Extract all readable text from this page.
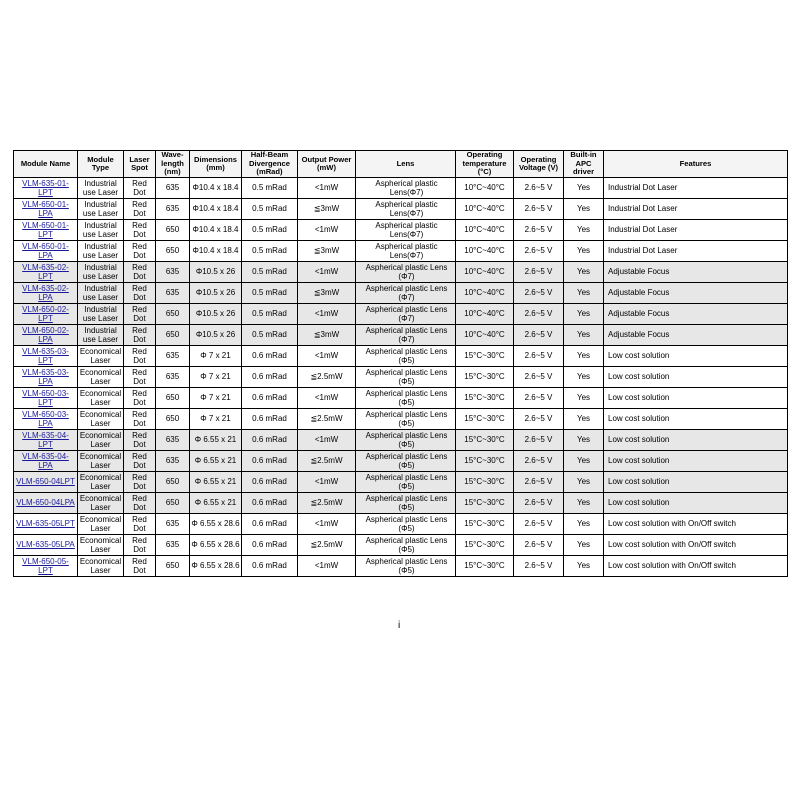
Module Name	Module Type	Laser Spot	Wave-length (nm)	Dimensions (mm)	Half-Beam Divergence (mRad)	Output Power (mW)	Lens	Operating temperature (°C)	Operating Voltage (V)	Built-in APC driver	Features
VLM-635-01-LPT	Industrial use Laser	Red Dot	635	Φ10.4 x 18.4	0.5 mRad	<1mW	Aspherical plastic Lens(Φ7)	10°C~40°C	2.6~5 V	Yes	Industrial Dot Laser
VLM-650-01-LPA	Industrial use Laser	Red Dot	635	Φ10.4 x 18.4	0.5 mRad	≦3mW	Aspherical plastic Lens(Φ7)	10°C~40°C	2.6~5 V	Yes	Industrial Dot Laser
VLM-650-01-LPT	Industrial use Laser	Red Dot	650	Φ10.4 x 18.4	0.5 mRad	<1mW	Aspherical plastic Lens(Φ7)	10°C~40°C	2.6~5 V	Yes	Industrial Dot Laser
VLM-650-01-LPA	Industrial use Laser	Red Dot	650	Φ10.4 x 18.4	0.5 mRad	≦3mW	Aspherical plastic Lens(Φ7)	10°C~40°C	2.6~5 V	Yes	Industrial Dot Laser
VLM-635-02-LPT	Industrial use Laser	Red Dot	635	Φ10.5 x 26	0.5 mRad	<1mW	Aspherical plastic Lens (Φ7)	10°C~40°C	2.6~5 V	Yes	Adjustable Focus
VLM-635-02-LPA	Industrial use Laser	Red Dot	635	Φ10.5 x 26	0.5 mRad	≦3mW	Aspherical plastic Lens (Φ7)	10°C~40°C	2.6~5 V	Yes	Adjustable Focus
VLM-650-02-LPT	Industrial use Laser	Red Dot	650	Φ10.5 x 26	0.5 mRad	<1mW	Aspherical plastic Lens (Φ7)	10°C~40°C	2.6~5 V	Yes	Adjustable Focus
VLM-650-02-LPA	Industrial use Laser	Red Dot	650	Φ10.5 x 26	0.5 mRad	≦3mW	Aspherical plastic Lens (Φ7)	10°C~40°C	2.6~5 V	Yes	Adjustable Focus
VLM-635-03-LPT	Economical Laser	Red Dot	635	Φ 7 x 21	0.6 mRad	<1mW	Aspherical plastic Lens (Φ5)	15°C~30°C	2.6~5 V	Yes	Low cost solution
VLM-635-03-LPA	Economical Laser	Red Dot	635	Φ 7 x 21	0.6 mRad	≦2.5mW	Aspherical plastic Lens (Φ5)	15°C~30°C	2.6~5 V	Yes	Low cost solution
VLM-650-03-LPT	Economical Laser	Red Dot	650	Φ 7 x 21	0.6 mRad	<1mW	Aspherical plastic Lens (Φ5)	15°C~30°C	2.6~5 V	Yes	Low cost solution
VLM-650-03-LPA	Economical Laser	Red Dot	650	Φ 7 x 21	0.6 mRad	≦2.5mW	Aspherical plastic Lens (Φ5)	15°C~30°C	2.6~5 V	Yes	Low cost solution
VLM-635-04-LPT	Economical Laser	Red Dot	635	Φ 6.55 x 21	0.6 mRad	<1mW	Aspherical plastic Lens (Φ5)	15°C~30°C	2.6~5 V	Yes	Low cost solution
VLM-635-04-LPA	Economical Laser	Red Dot	635	Φ 6.55 x 21	0.6 mRad	≦2.5mW	Aspherical plastic Lens (Φ5)	15°C~30°C	2.6~5 V	Yes	Low cost solution
VLM-650-04LPT	Economical Laser	Red Dot	650	Φ 6.55 x 21	0.6 mRad	<1mW	Aspherical plastic Lens (Φ5)	15°C~30°C	2.6~5 V	Yes	Low cost solution
VLM-650-04LPA	Economical Laser	Red Dot	650	Φ 6.55 x 21	0.6 mRad	≦2.5mW	Aspherical plastic Lens (Φ5)	15°C~30°C	2.6~5 V	Yes	Low cost solution
VLM-635-05LPT	Economical Laser	Red Dot	635	Φ 6.55 x 28.6	0.6 mRad	<1mW	Aspherical plastic Lens (Φ5)	15°C~30°C	2.6~5 V	Yes	Low cost solution with On/Off switch
VLM-635-05LPA	Economical Laser	Red Dot	635	Φ 6.55 x 28.6	0.6 mRad	≦2.5mW	Aspherical plastic Lens (Φ5)	15°C~30°C	2.6~5 V	Yes	Low cost solution with On/Off switch
VLM-650-05-LPT	Economical Laser	Red Dot	650	Φ 6.55 x 28.6	0.6 mRad	<1mW	Aspherical plastic Lens (Φ5)	15°C~30°C	2.6~5 V	Yes	Low cost solution with On/Off switch
i
